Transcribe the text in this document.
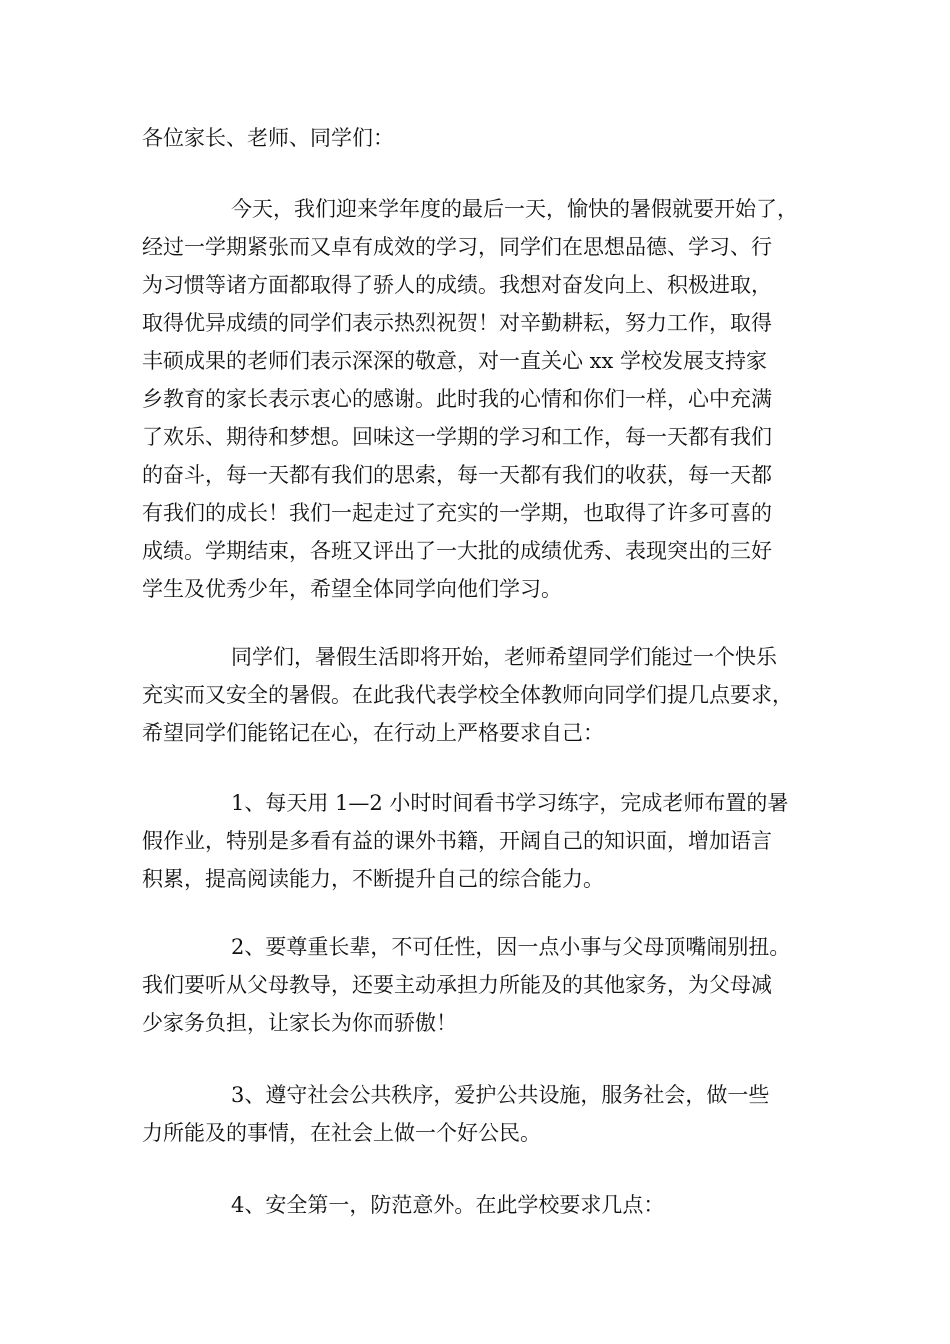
各位家长、老师、同学们：

今天，我们迎来学年度的最后一天，愉快的暑假就要开始了，

经过一学期紧张而又卓有成效的学习，同学们在思想品德、学习、行

为习惯等诸方面都取得了骄人的成绩。我想对奋发向上、积极进取，

取得优异成绩的同学们表示热烈祝贺！对辛勤耕耘，努力工作，取得

丰硕成果的老师们表示深深的敬意，对一直关心 xx 学校发展支持家

乡教育的家长表示衷心的感谢。此时我的心情和你们一样，心中充满

了欢乐、期待和梦想。回味这一学期的学习和工作，每一天都有我们

的奋斗，每一天都有我们的思索，每一天都有我们的收获，每一天都

有我们的成长！我们一起走过了充实的一学期，也取得了许多可喜的

成绩。学期结束，各班又评出了一大批的成绩优秀、表现突出的三好

学生及优秀少年，希望全体同学向他们学习。

同学们，暑假生活即将开始，老师希望同学们能过一个快乐

充实而又安全的暑假。在此我代表学校全体教师向同学们提几点要求，

希望同学们能铭记在心，在行动上严格要求自己：

1、每天用 1—2 小时时间看书学习练字，完成老师布置的暑

假作业，特别是多看有益的课外书籍，开阔自己的知识面，增加语言

积累，提高阅读能力，不断提升自己的综合能力。

2、要尊重长辈，不可任性，因一点小事与父母顶嘴闹别扭。

我们要听从父母教导，还要主动承担力所能及的其他家务，为父母减

少家务负担，让家长为你而骄傲！

3、遵守社会公共秩序，爱护公共设施，服务社会，做一些

力所能及的事情，在社会上做一个好公民。

4、安全第一，防范意外。在此学校要求几点：
